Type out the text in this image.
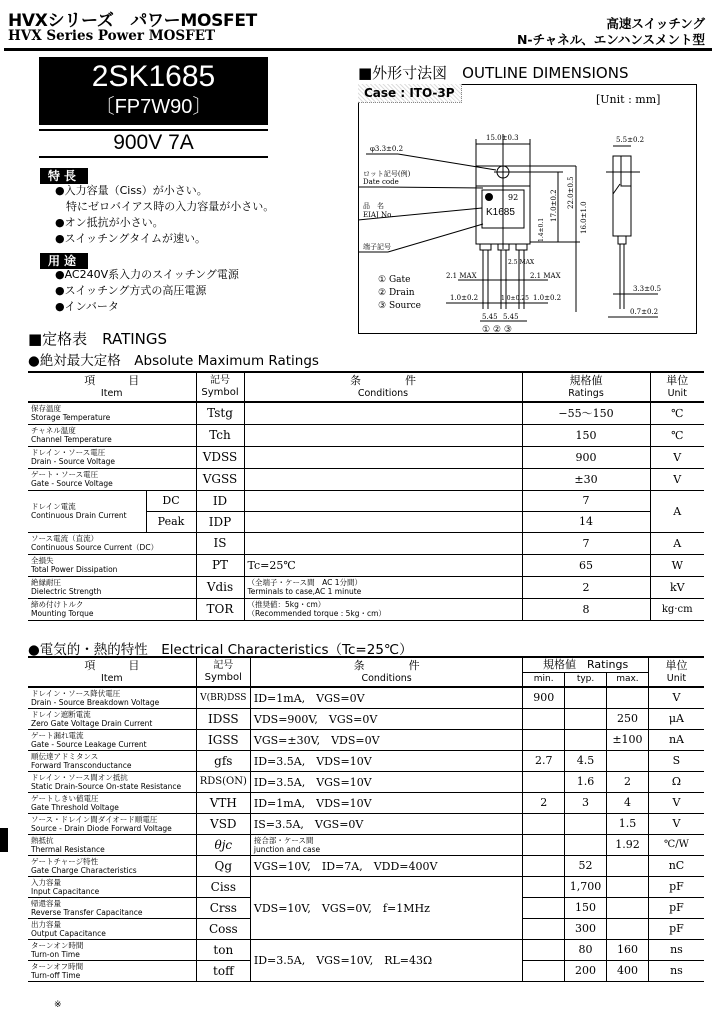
HVXシリーズ　パワーMOSFET
HVX Series Power MOSFET
高速スイッチング
N-チャネル、エンハンスメント型
2SK1685
〔FP7W90〕
900V 7A
特長
●入力容量（Ciss）が小さい。
　特にゼロバイアス時の入力容量が小さい。
●オン抵抗が小さい。
●スイッチングタイムが速い。
用途
●AC240V系入力のスイッチング電源
●スイッチング方式の高圧電源
●インバータ
■外形寸法図　OUTLINE DIMENSIONS
Case : ITO-3P	[Unit : mm]
15.0±0.3
φ3.3±0.2
ロット記号(例)
Date code
品　名
EIAJ No.
端子記号
92
K1685
2.1 MAX	2.1 MAX
2.5 MAX
1.0±0.2	1.0±0.25 1.0±0.2
5.45 5.45
5.5±0.2
3.3±0.5
0.7±0.2
① ② ③
① Gate
② Drain
③ Source
16.0±1.0
17.0±0.2 22.0±0.5
1.4±0.1
■定格表　RATINGS
●絶対最大定格　Absolute Maximum Ratings
項　　　目
Item		記号
Symbol	条　　　　件
Conditions	規格値
Ratings	単位
Unit

保存温度
Storage Temperature		Tstg		−55〜150	℃

チャネル温度
Channel Temperature		Tch		150	℃

ドレイン・ソース電圧
Drain - Source Voltage		VDSS		900	V

ゲート・ソース電圧
Gate - Source Voltage		VGSS		±30	V

ドレイン電流
Continuous Drain Current	DC	ID		7	A
	Peak	IDP		14	

ソース電流（直流）
Continuous Source Current（DC）		IS		7	A

全損失
Total Power Dissipation		PT	Tc=25℃	65	W

絶縁耐圧
Dielectric Strength		Vdis	（全端子・ケース間　AC 1分間）
Terminals to case,AC 1 minute	2	kV

締め付けトルク
Mounting Torque		TOR	（推奨値：5kg・cm）
（Recommended torque : 5kg・cm）	8	kg·cm
●電気的・熱的特性　Electrical Characteristics（Tc=25℃）
項　　　目
Item	記号
Symbol	条　　　　件
Conditions	規格値　Ratings			単位
Unit
			min.	typ.	max.	

ドレイン・ソース降伏電圧
Drain - Source Breakdown Voltage	V(BR)DSS	ID=1mA,　VGS=0V	900			V

ドレイン遮断電流
Zero Gate Voltage Drain Current	IDSS	VDS=900V,　VGS=0V			250	μA

ゲート漏れ電流
Gate - Source Leakage Current	IGSS	VGS=±30V,　VDS=0V			±100	nA

順伝達アドミタンス
Forward Transconductance	gfs	ID=3.5A,　VDS=10V	2.7	4.5		S

ドレイン・ソース間オン抵抗
Static Drain-Source On-state Resistance	RDS(ON)	ID=3.5A,　VGS=10V		1.6	2	Ω

ゲートしきい値電圧
Gate Threshold Voltage	VTH	ID=1mA,　VDS=10V	2	3	4	V

ソース・ドレイン間ダイオード順電圧
Source - Drain Diode Forward Voltage	VSD	IS=3.5A,　VGS=0V			1.5	V

熱抵抗
Thermal Resistance	θjc	接合部・ケース間
junction and case			1.92	℃/W

ゲートチャージ特性
Gate Charge Characteristics	Qg	VGS=10V,　ID=7A,　VDD=400V		52		nC

入力容量
Input Capacitance	Ciss	VDS=10V,　VGS=0V,　f=1MHz		1,700		pF

帰還容量
Reverse Transfer Capacitance	Crss			150		pF

出力容量
Output Capacitance	Coss			300		pF

ターンオン時間
Turn-on Time	ton	ID=3.5A,　VGS=10V,　RL=43Ω		80	160	ns

ターンオフ時間
Turn-off Time	toff			200	400	ns
※
